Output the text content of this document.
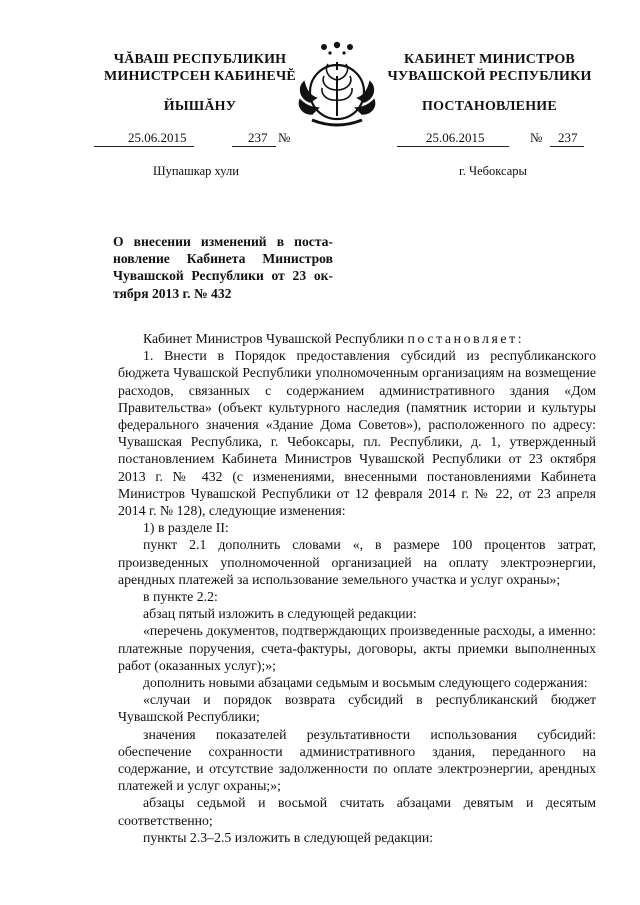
ЧĂВАШ РЕСПУБЛИКИН
МИНИСТРСЕН КАБИНЕЧĔ
ЙЫШĂНУ
КАБИНЕТ МИНИСТРОВ
ЧУВАШСКОЙ РЕСПУБЛИКИ
ПОСТАНОВЛЕНИЕ
25.06.2015	237 №	25.06.2015	№ 237
Шупашкар хули	г. Чебоксары
О внесении изменений в поста-
новление Кабинета Министров
Чувашской Республики от 23 ок-
тября 2013 г. № 432

Кабинет Министров Чувашской Республики постановляет:

1. Внести в Порядок предоставления субсидий из республиканского бюджета Чувашской Республики уполномоченным организациям на возмещение расходов, связанных с содержанием административного здания «Дом Правительства» (объект культурного наследия (памятник истории и культуры федерального значения «Здание Дома Советов»), расположенного по адресу: Чувашская Республика, г. Чебоксары, пл. Республики, д. 1, утвержденный постановлением Кабинета Министров Чувашской Республики от 23 октября 2013 г. № 432 (с изменениями, внесенными постановлениями Кабинета Министров Чувашской Республики от 12 февраля 2014 г. № 22, от 23 апреля 2014 г. № 128), следующие изменения:

1) в разделе II:

пункт 2.1 дополнить словами «, в размере 100 процентов затрат, произведенных уполномоченной организацией на оплату электроэнергии, арендных платежей за использование земельного участка и услуг охраны»;

в пункте 2.2:

абзац пятый изложить в следующей редакции:

«перечень документов, подтверждающих произведенные расходы, а именно: платежные поручения, счета-фактуры, договоры, акты приемки выполненных работ (оказанных услуг);»;

дополнить новыми абзацами седьмым и восьмым следующего содержания:

«случаи и порядок возврата субсидий в республиканский бюджет Чувашской Республики;

значения показателей результативности использования субсидий: обеспечение сохранности административного здания, переданного на содержание, и отсутствие задолженности по оплате электроэнергии, арендных платежей и услуг охраны;»;

абзацы седьмой и восьмой считать абзацами девятым и десятым соответственно;

пункты 2.3–2.5 изложить в следующей редакции:
